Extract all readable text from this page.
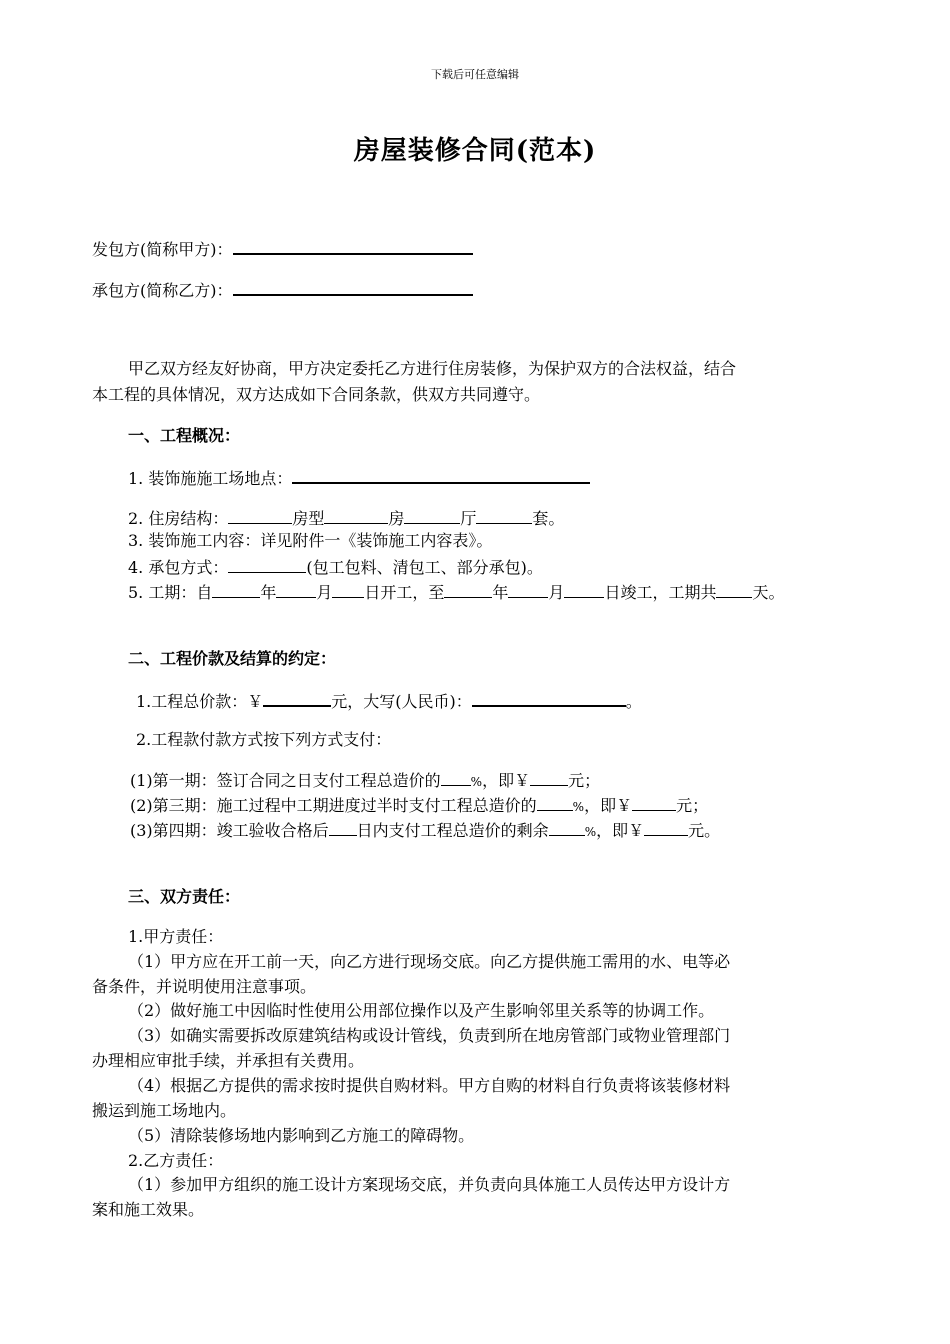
下载后可任意编辑
房屋装修合同(范本)
发包方(简称甲方)：
承包方(简称乙方)：
甲乙双方经友好协商，甲方决定委托乙方进行住房装修，为保护双方的合法权益，结合
本工程的具体情况，双方达成如下合同条款，供双方共同遵守。
一、工程概况：
1. 装饰施施工场地点：
2. 住房结构：	房型	房	厅	套。
3. 装饰施工内容：详见附件一《装饰施工内容表》。
4. 承包方式：	(包工包料、清包工、部分承包)。
5. 工期：自	年	月 日开工，至	年	月	日竣工，工期共 天。
二、工程价款及结算的约定：
1.工程总价款：￥	元，大写(人民币)：	。
2.工程款付款方式按下列方式支付：
(1)第一期：签订合同之日支付工程总造价的	%，即￥ 元；
(2)第三期：施工过程中工期进度过半时支付工程总造价的	%，即￥	元；
(3)第四期：竣工验收合格后 日内支付工程总造价的剩余	%，即￥	元。
三、双方责任：
1.甲方责任：
（1）甲方应在开工前一天，向乙方进行现场交底。向乙方提供施工需用的水、电等必
备条件，并说明使用注意事项。
（2）做好施工中因临时性使用公用部位操作以及产生影响邻里关系等的协调工作。
（3）如确实需要拆改原建筑结构或设计管线，负责到所在地房管部门或物业管理部门
办理相应审批手续，并承担有关费用。
（4）根据乙方提供的需求按时提供自购材料。甲方自购的材料自行负责将该装修材料
搬运到施工场地内。
（5）清除装修场地内影响到乙方施工的障碍物。
2.乙方责任：
（1）参加甲方组织的施工设计方案现场交底，并负责向具体施工人员传达甲方设计方
案和施工效果。
